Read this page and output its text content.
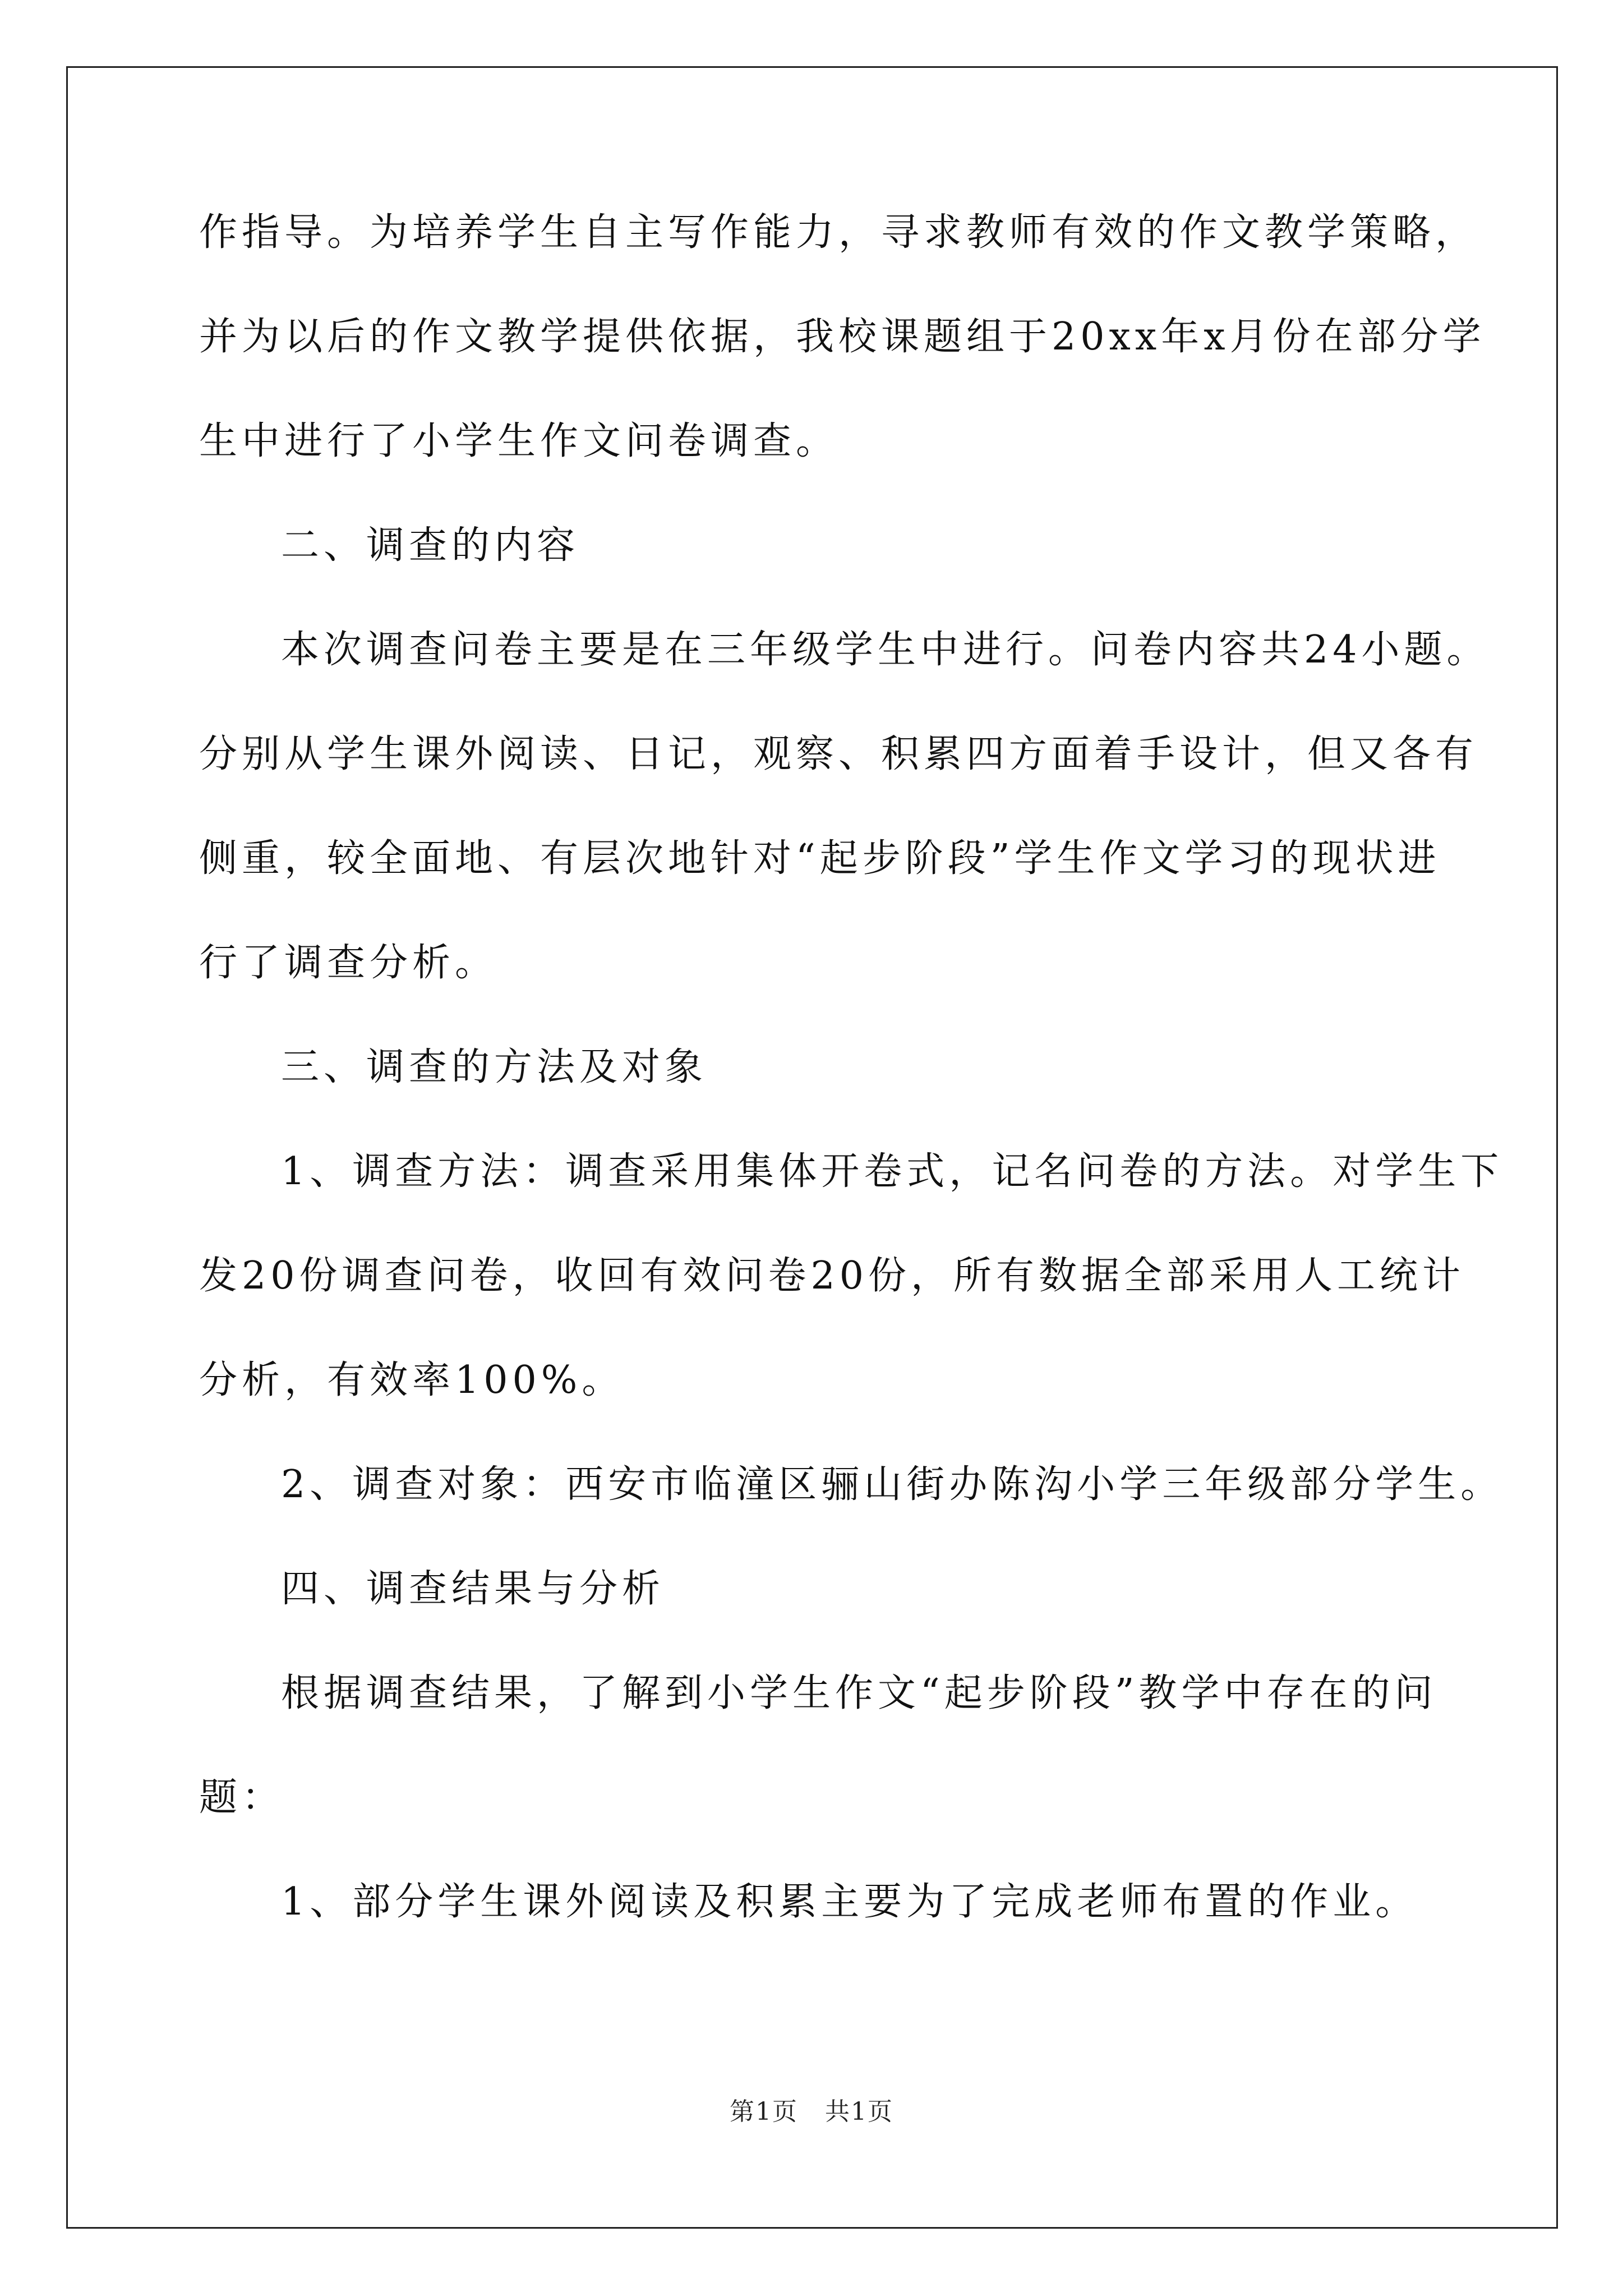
作指导。为培养学生自主写作能力，寻求教师有效的作文教学策略，
并为以后的作文教学提供依据，我校课题组于20xx年x月份在部分学
生中进行了小学生作文问卷调查。
二、调查的内容
本次调查问卷主要是在三年级学生中进行。问卷内容共24小题。
分别从学生课外阅读、日记，观察、积累四方面着手设计，但又各有
侧重，较全面地、有层次地针对“起步阶段”学生作文学习的现状进
行了调查分析。
三、调查的方法及对象
1、调查方法：调查采用集体开卷式，记名问卷的方法。对学生下
发20份调查问卷，收回有效问卷20份，所有数据全部采用人工统计
分析，有效率100%。
2、调查对象：西安市临潼区骊山街办陈沟小学三年级部分学生。
四、调查结果与分析
根据调查结果，了解到小学生作文“起步阶段”教学中存在的问
题：
1、部分学生课外阅读及积累主要为了完成老师布置的作业。
第1页 共1页
